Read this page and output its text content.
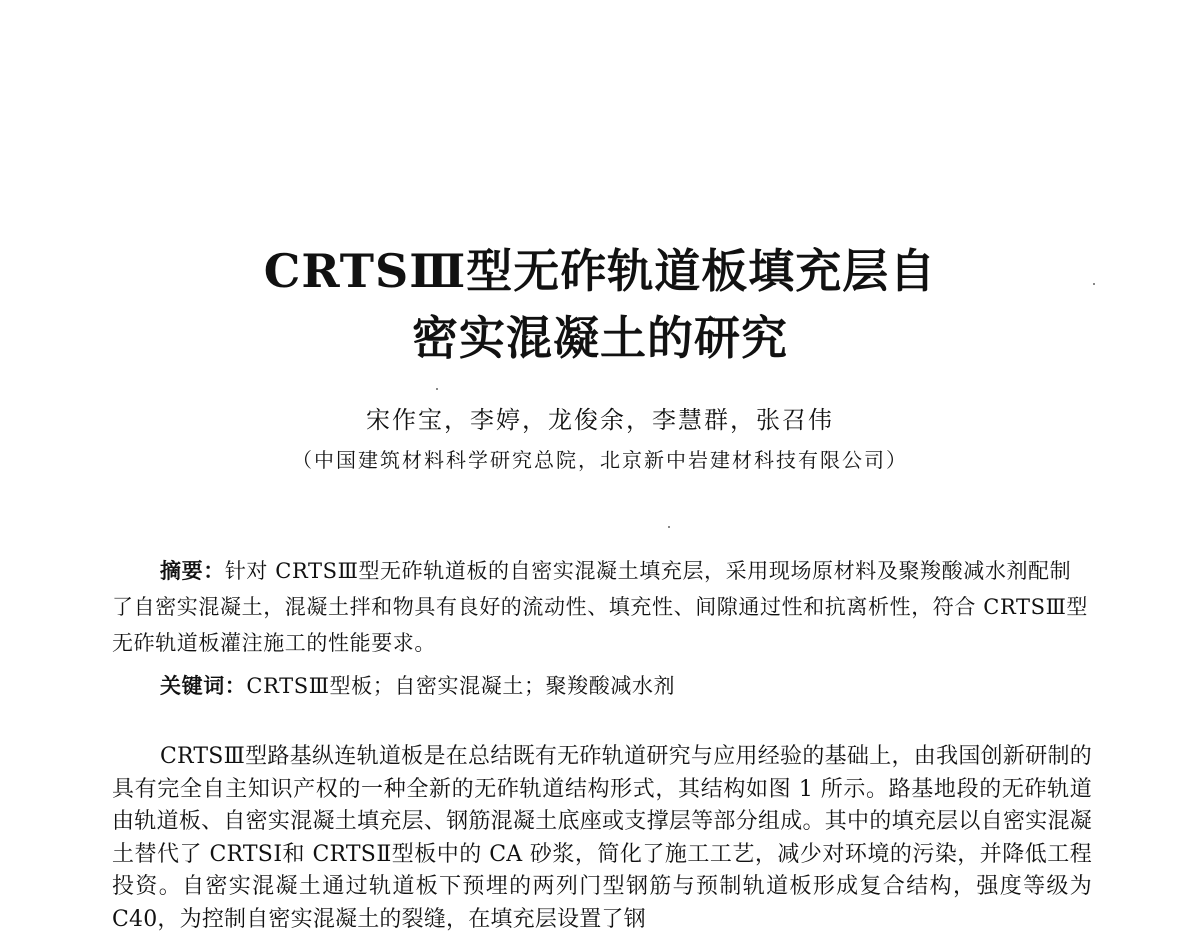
CRTSⅢ型无砟轨道板填充层自
密实混凝土的研究
宋作宝，李婷，龙俊余，李慧群，张召伟
（中国建筑材料科学研究总院，北京新中岩建材科技有限公司）

摘要：针对 CRTSⅢ型无砟轨道板的自密实混凝土填充层，采用现场原材料及聚羧酸减水剂配制了自密实混凝土，混凝土拌和物具有良好的流动性、填充性、间隙通过性和抗离析性，符合 CRTSⅢ型无砟轨道板灌注施工的性能要求。

关键词：CRTSⅢ型板；自密实混凝土；聚羧酸减水剂

CRTSⅢ型路基纵连轨道板是在总结既有无砟轨道研究与应用经验的基础上，由我国创新研制的具有完全自主知识产权的一种全新的无砟轨道结构形式，其结构如图 1 所示。路基地段的无砟轨道由轨道板、自密实混凝土填充层、钢筋混凝土底座或支撑层等部分组成。其中的填充层以自密实混凝土替代了 CRTSⅠ和 CRTSⅡ型板中的 CA 砂浆，简化了施工工艺，减少对环境的污染，并降低工程投资。自密实混凝土通过轨道板下预埋的两列门型钢筋与预制轨道板形成复合结构，强度等级为 C40，为控制自密实混凝土的裂缝，在填充层设置了钢
